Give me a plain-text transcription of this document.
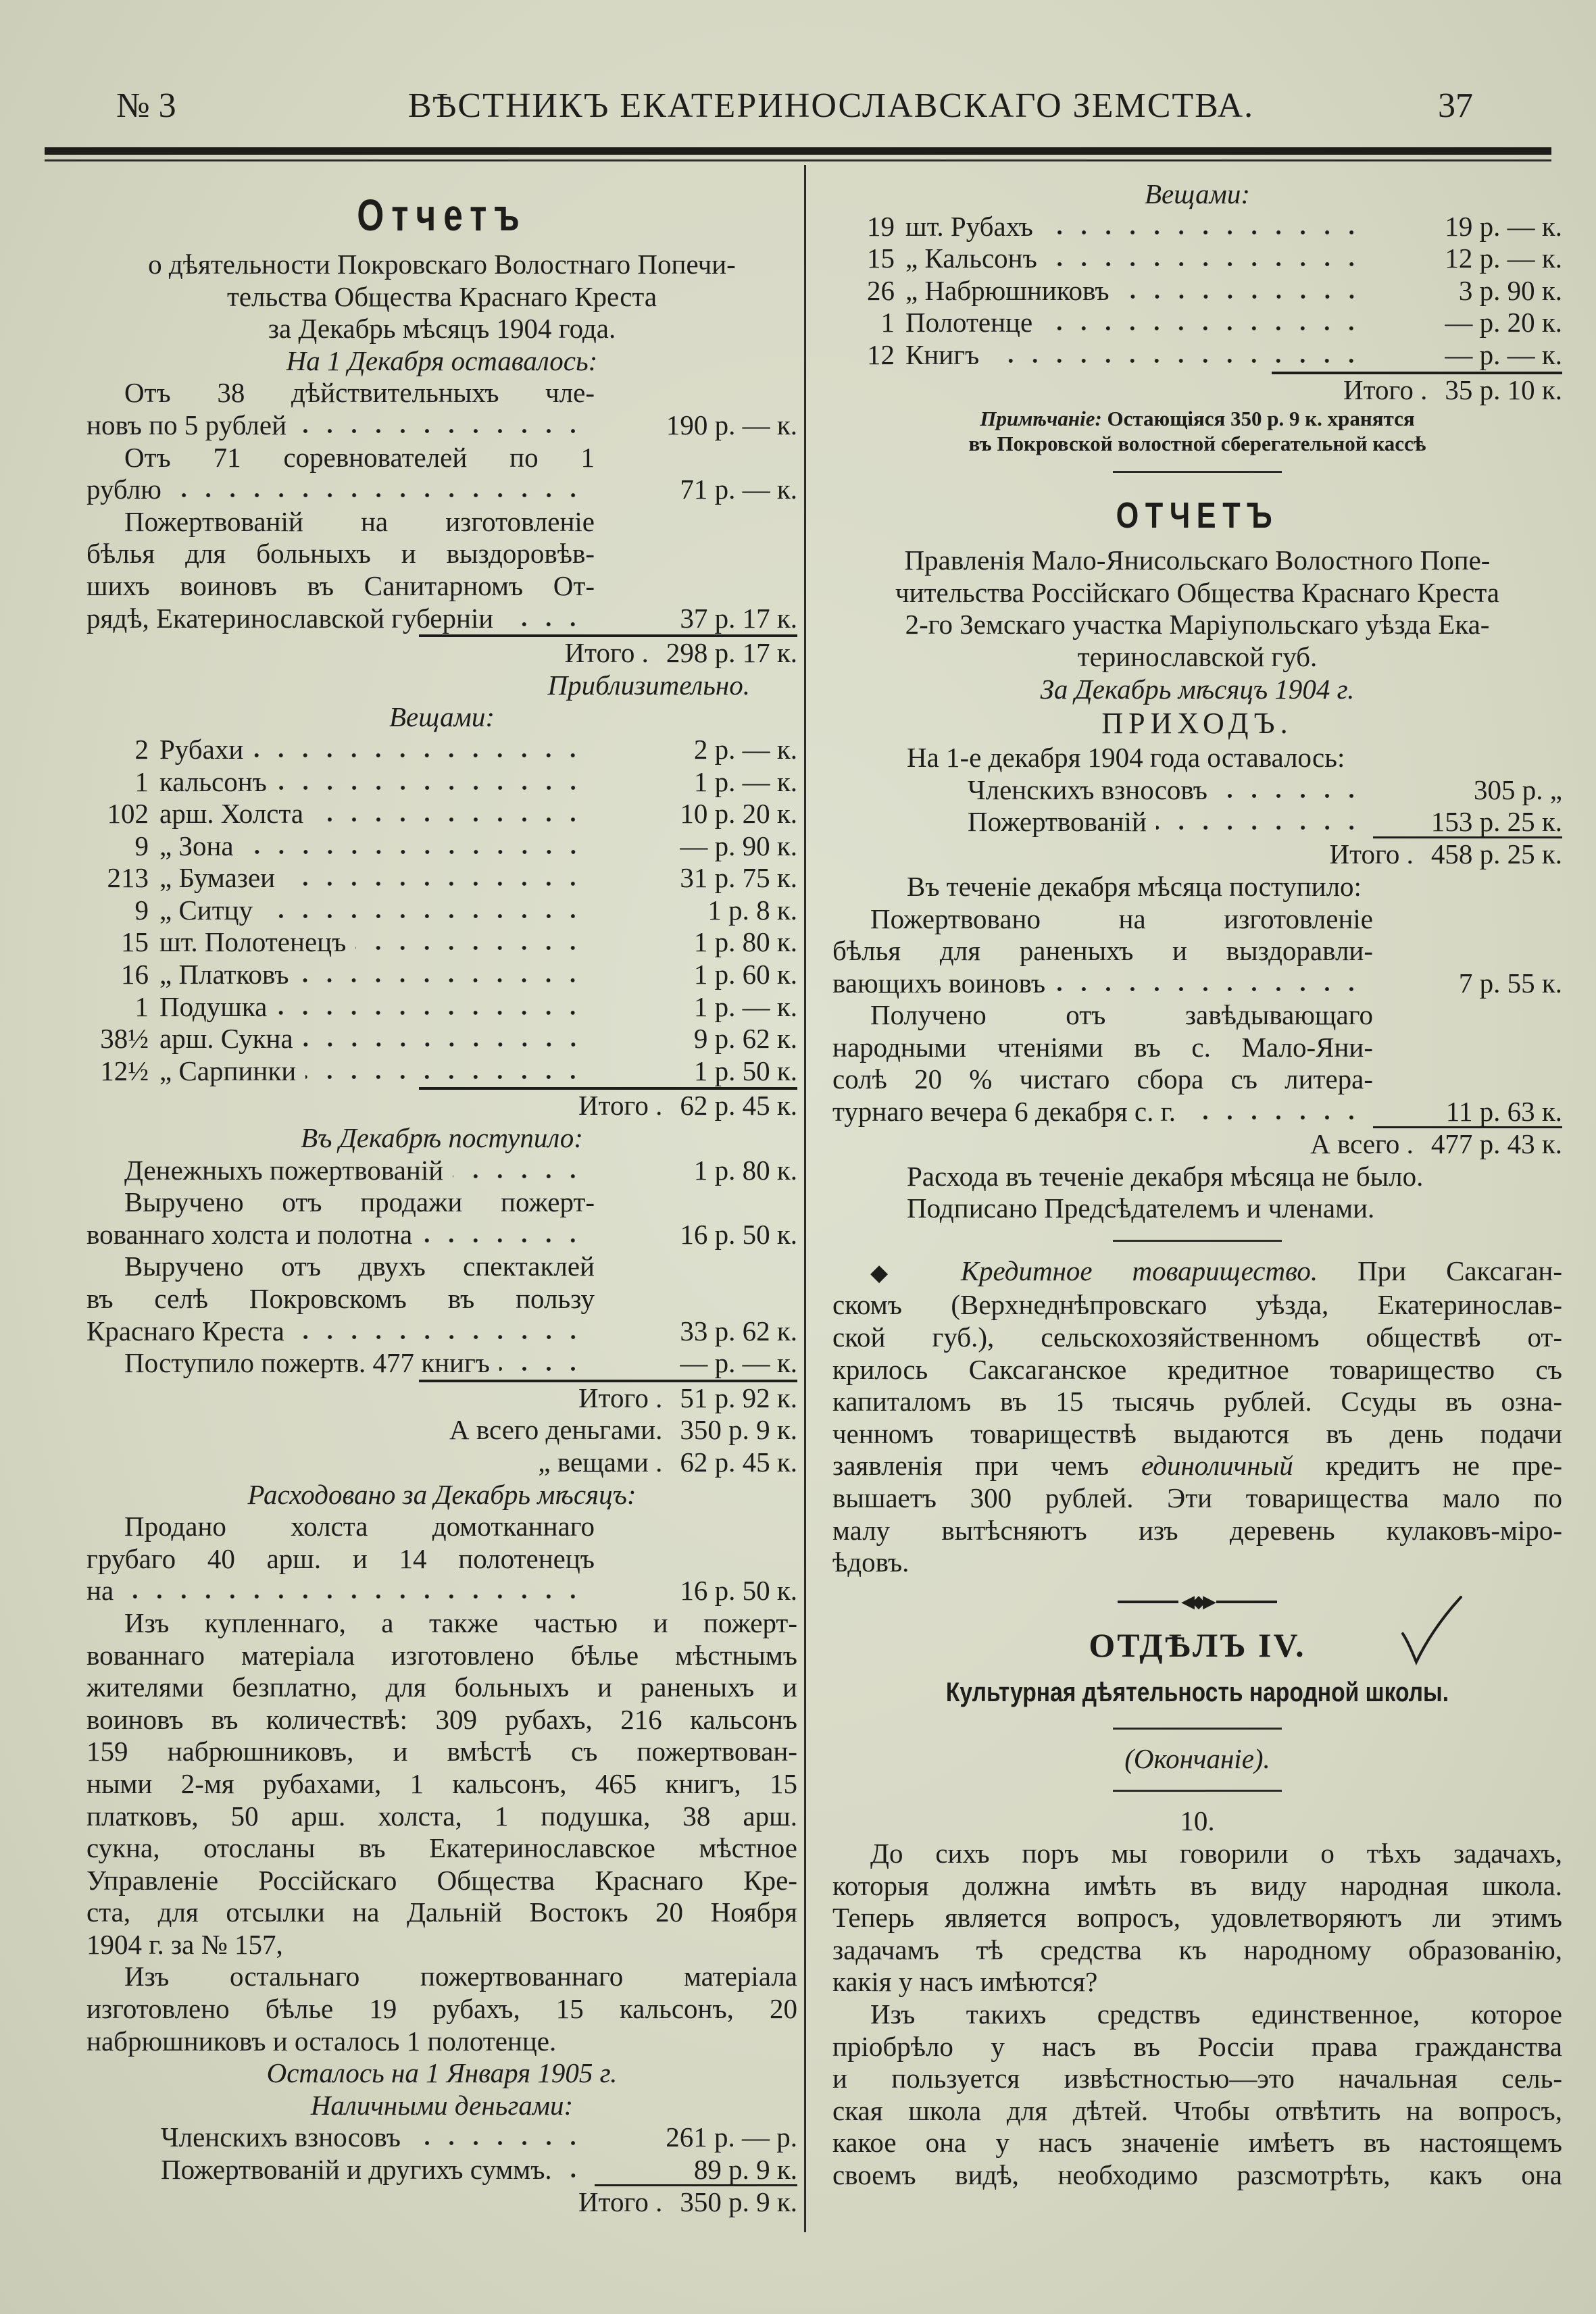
№ 3	ВѢСТНИКЪ ЕКАТЕРИНОСЛАВСКАГО ЗЕМСТВА.	37
Отчетъ
о дѣятельности Покровскаго Волостнаго Попечи-
тельства Общества Краснаго Креста
за Декабрь мѣсяцъ 1904 года.
На 1 Декабря оставалось:
Отъ 38 дѣйствительныхъ чле-
новъ по 5 рублей	190 р. — к.
Отъ 71 соревнователей по 1
рублю	71 р. — к.
Пожертвованій на изготовленіе
бѣлья для больныхъ и выздоровѣв-
шихъ воиновъ въ Санитарномъ От-
рядѣ, Екатеринославской губерніи	37 р. 17 к.
Итого . 298 р. 17 к.
Приблизительно.
Вещами:
2 Рубахи	2 р. — к.
1 кальсонъ	1 р. — к.
102 арш. Холста	10 р. 20 к.
9 „ Зона	— р. 90 к.
213 „ Бумазеи	31 р. 75 к.
9 „ Ситцу	1 р. 8 к.
15 шт. Полотенецъ	1 р. 80 к.
16 „ Платковъ	1 р. 60 к.
1 Подушка	1 р. — к.
38½ арш. Сукна	9 р. 62 к.
12½ „ Сарпинки	1 р. 50 к.
Итого . 62 р. 45 к.
Въ Декабрѣ поступило:
Денежныхъ пожертвованій	1 р. 80 к.
Выручено отъ продажи пожерт-
вованнаго холста и полотна	16 р. 50 к.
Выручено отъ двухъ спектаклей
въ селѣ Покровскомъ въ пользу
Краснаго Креста	33 р. 62 к.
Поступило пожертв. 477 книгъ	— р. — к.
Итого . 51 р. 92 к.
А всего деньгами. 350 р. 9 к.
„ вещами . 62 р. 45 к.
Расходовано за Декабрь мѣсяцъ:
Продано холста домотканнаго
грубаго 40 арш. и 14 полотенецъ
на	16 р. 50 к.
Изъ купленнаго, а также частью и пожерт-
вованнаго матеріала изготовлено бѣлье мѣстнымъ
жителями безплатно, для больныхъ и раненыхъ и
воиновъ въ количествѣ: 309 рубахъ, 216 кальсонъ
159 набрюшниковъ, и вмѣстѣ съ пожертвован-
ными 2-мя рубахами, 1 кальсонъ, 465 книгъ, 15
платковъ, 50 арш. холста, 1 подушка, 38 арш.
сукна, отосланы въ Екатеринославское мѣстное
Управленіе Россійскаго Общества Краснаго Кре-
ста, для отсылки на Дальній Востокъ 20 Ноября
1904 г. за № 157,
Изъ остальнаго пожертвованнаго матеріала
изготовлено бѣлье 19 рубахъ, 15 кальсонъ, 20
набрюшниковъ и осталось 1 полотенце.
Осталось на 1 Января 1905 г.
Наличными деньгами:
Членскихъ взносовъ	261 р. — р.
Пожертвованій и другихъ суммъ.	89 р. 9 к.
Итого . 350 р. 9 к.
Вещами:
19 шт. Рубахъ	19 р. — к.
15 „ Кальсонъ	12 р. — к.
26 „ Набрюшниковъ	3 р. 90 к.
1 Полотенце	— р. 20 к.
12 Книгъ	— р. — к.
Итого . 35 р. 10 к.
Примѣчаніе: Остающіяся 350 р. 9 к. хранятся
въ Покровской волостной сберегательной кассѣ
ОТЧЕТЪ
Правленія Мало-Янисольскаго Волостного Попе-
чительства Россійскаго Общества Краснаго Креста
2-го Земскаго участка Маріупольскаго уѣзда Ека-
теринославской губ.
За Декабрь мѣсяцъ 1904 г.
ПРИХОДЪ.
На 1-е декабря 1904 года оставалось:
Членскихъ взносовъ	305 р. „
Пожертвованій	153 р. 25 к.
Итого . 458 р. 25 к.
Въ теченіе декабря мѣсяца поступило:
Пожертвовано на изготовленіе
бѣлья для раненыхъ и выздоравли-
вающихъ воиновъ	7 р. 55 к.
Получено отъ завѣдывающаго
народными чтеніями въ с. Мало-Яни-
солѣ 20 % чистаго сбора съ литера-
турнаго вечера 6 декабря с. г.	11 р. 63 к.
А всего . 477 р. 43 к.
Расхода въ теченіе декабря мѣсяца не было.
Подписано Предсѣдателемъ и членами.
◆ Кредитное товарищество. При Саксаган-
скомъ (Верхнеднѣпровскаго уѣзда, Екатеринослав-
ской губ.), сельскохозяйственномъ обществѣ от-
крилось Саксаганское кредитное товарищество съ
капиталомъ въ 15 тысячь рублей. Ссуды въ озна-
ченномъ товариществѣ выдаются въ день подачи
заявленія при чемъ единоличный кредитъ не пре-
вышаетъ 300 рублей. Эти товарищества мало по
малу вытѣсняютъ изъ деревень кулаковъ-міро-
ѣдовъ.
◀◆▶
ОТДѢЛЪ IV.
Культурная дѣятельность народной школы.
(Окончаніе).
10.
До сихъ поръ мы говорили о тѣхъ задачахъ,
которыя должна имѣть въ виду народная школа.
Теперь является вопросъ, удовлетворяютъ ли этимъ
задачамъ тѣ средства къ народному образованію,
какія у насъ имѣются?
Изъ такихъ средствъ единственное, которое
пріобрѣло у насъ въ Россіи права гражданства
и пользуется извѣстностью—это начальная сель-
ская школа для дѣтей. Чтобы отвѣтить на вопросъ,
какое она у насъ значеніе имѣетъ въ настоящемъ
своемъ видѣ, необходимо разсмотрѣть, какъ она
